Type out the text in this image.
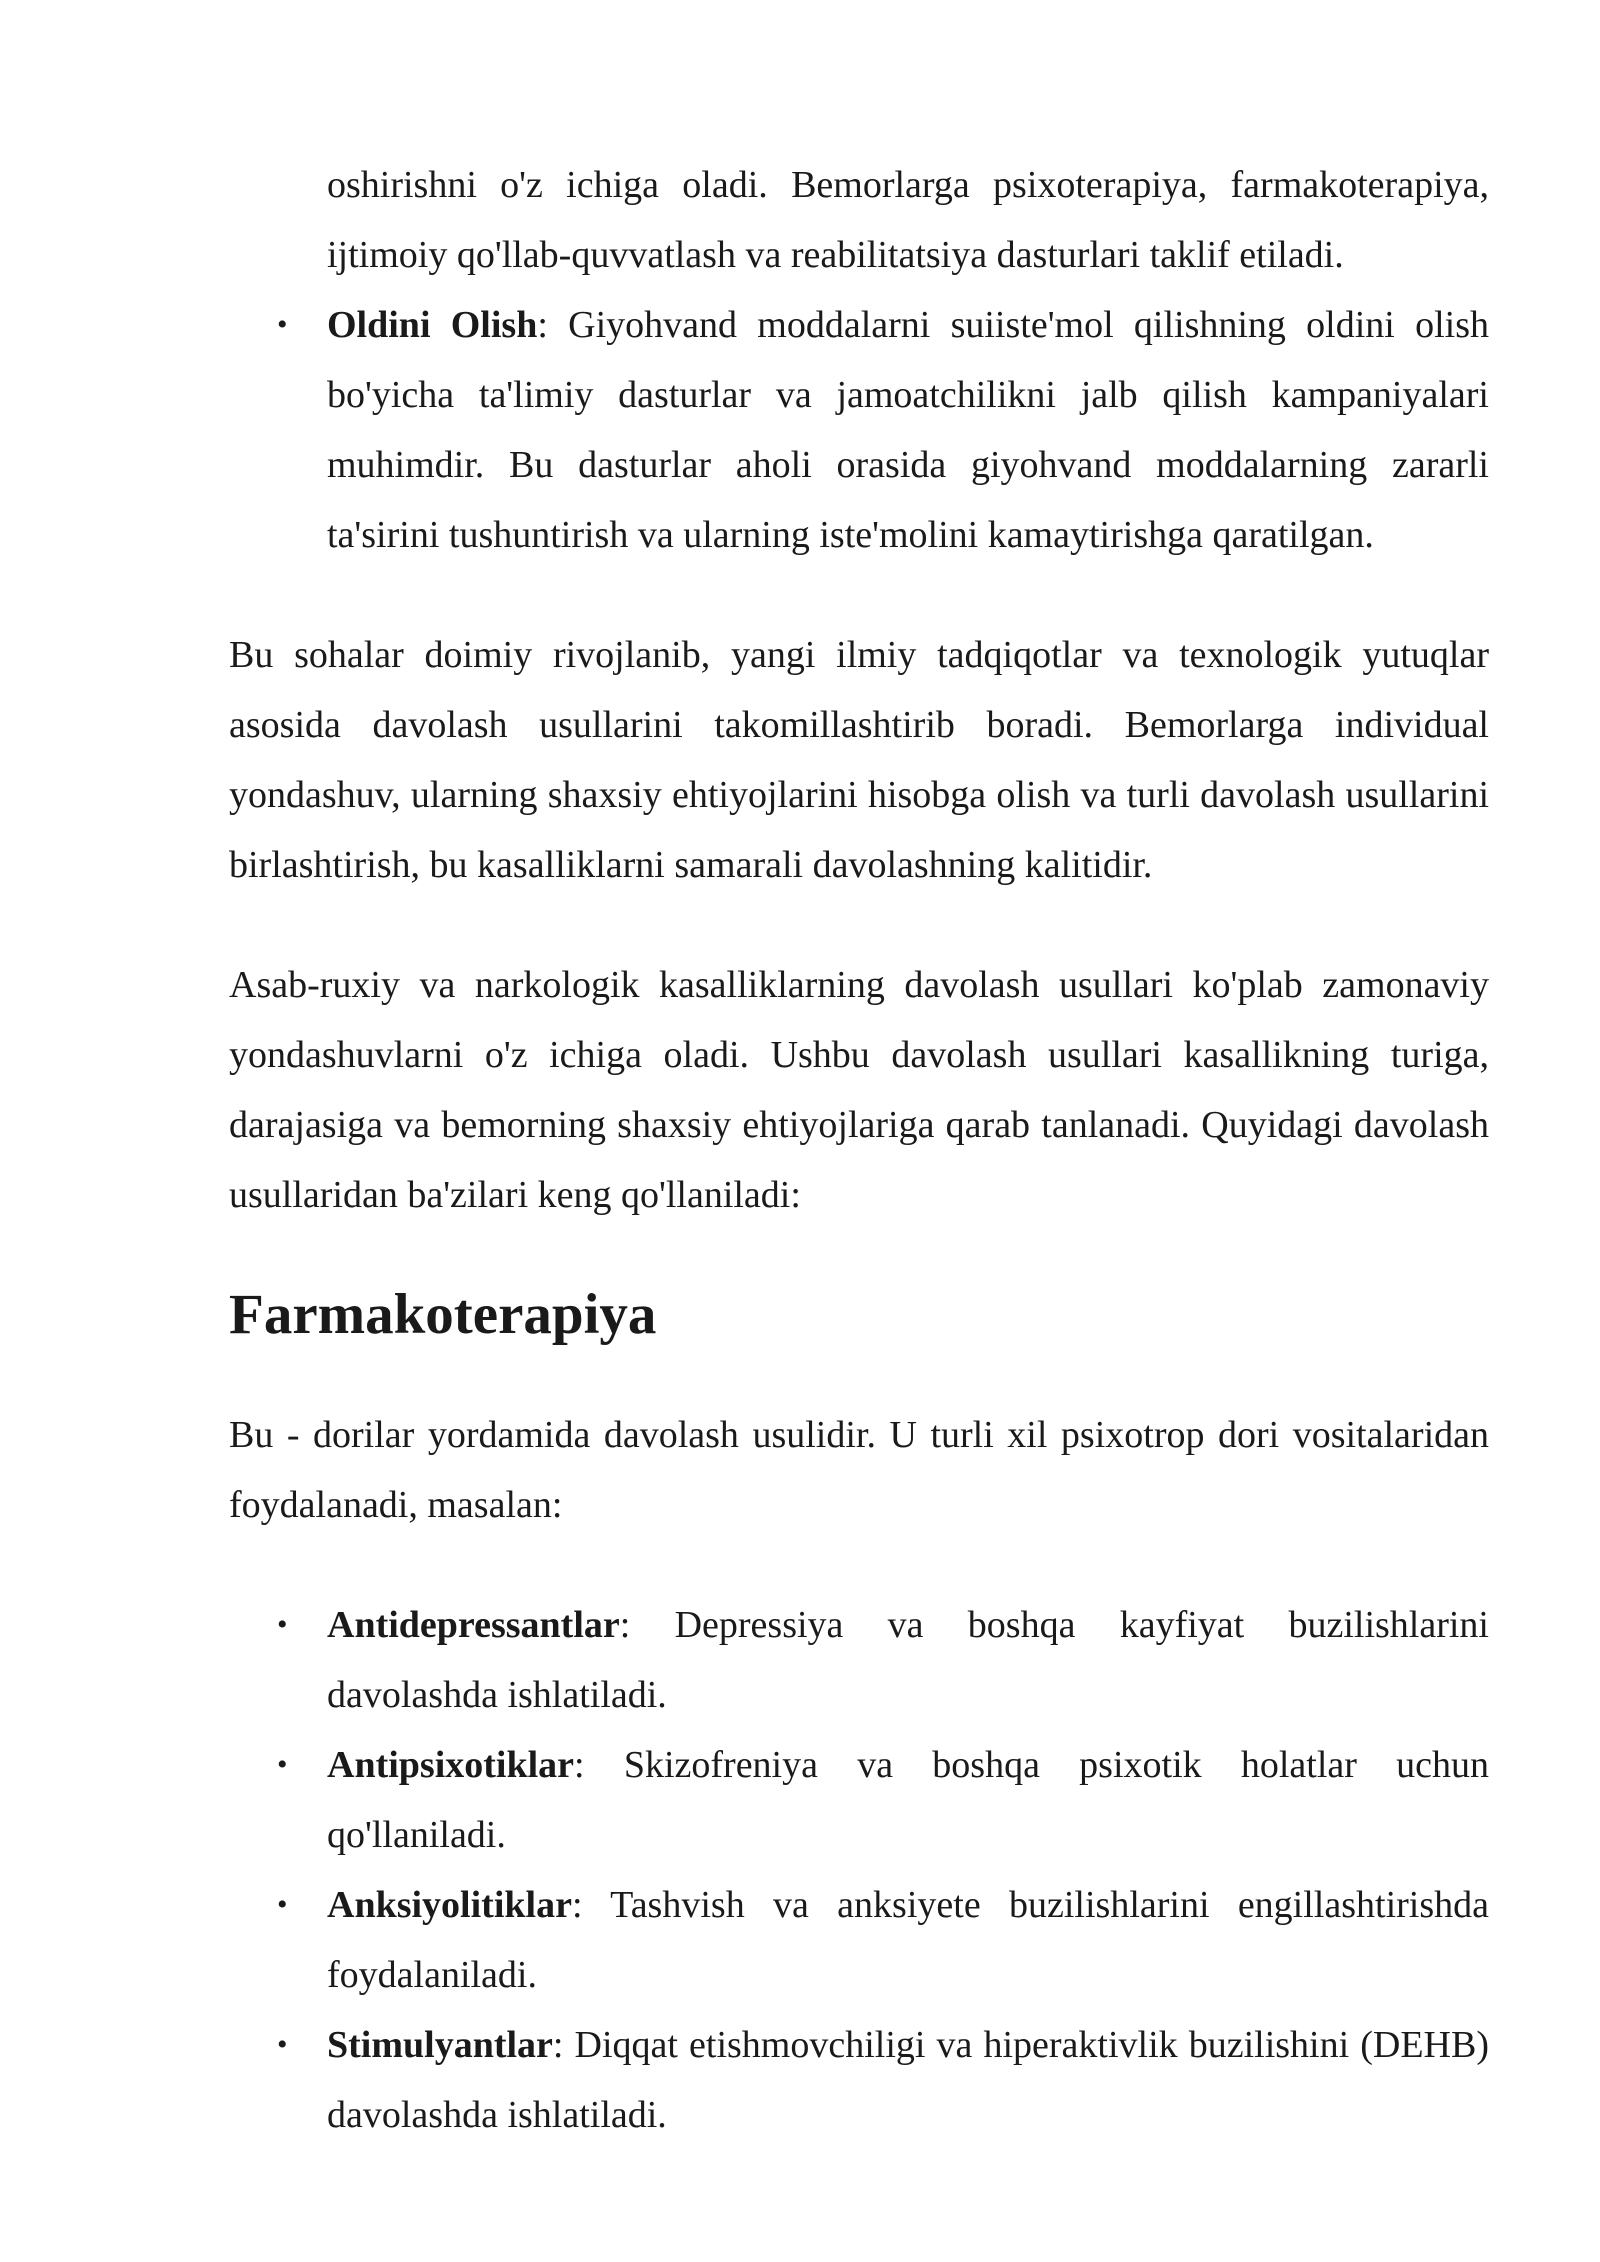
oshirishni o'z ichiga oladi. Bemorlarga psixoterapiya, farmakoterapiya, ijtimoiy qo'llab-quvvatlash va reabilitatsiya dasturlari taklif etiladi.

• Oldini Olish: Giyohvand moddalarni suiiste'mol qilishning oldini olish bo'yicha ta'limiy dasturlar va jamoatchilikni jalb qilish kampaniyalari muhimdir. Bu dasturlar aholi orasida giyohvand moddalarning zararli ta'sirini tushuntirish va ularning iste'molini kamaytirishga qaratilgan.

Bu sohalar doimiy rivojlanib, yangi ilmiy tadqiqotlar va texnologik yutuqlar asosida davolash usullarini takomillashtirib boradi. Bemorlarga individual yondashuv, ularning shaxsiy ehtiyojlarini hisobga olish va turli davolash usullarini birlashtirish, bu kasalliklarni samarali davolashning kalitidir.

Asab-ruxiy va narkologik kasalliklarning davolash usullari ko'plab zamonaviy yondashuvlarni o'z ichiga oladi. Ushbu davolash usullari kasallikning turiga, darajasiga va bemorning shaxsiy ehtiyojlariga qarab tanlanadi. Quyidagi davolash usullaridan ba'zilari keng qo'llaniladi:

Farmakoterapiya

Bu - dorilar yordamida davolash usulidir. U turli xil psixotrop dori vositalaridan foydalanadi, masalan:

• Antidepressantlar: Depressiya va boshqa kayfiyat buzilishlarini davolashda ishlatiladi.
• Antipsixotiklar: Skizofreniya va boshqa psixotik holatlar uchun qo'llaniladi.
• Anksiyolitiklar: Tashvish va anksiyete buzilishlarini engillashtirishda foydalaniladi.
• Stimulyantlar: Diqqat etishmovchiligi va hiperaktivlik buzilishini (DEHB) davolashda ishlatiladi.
